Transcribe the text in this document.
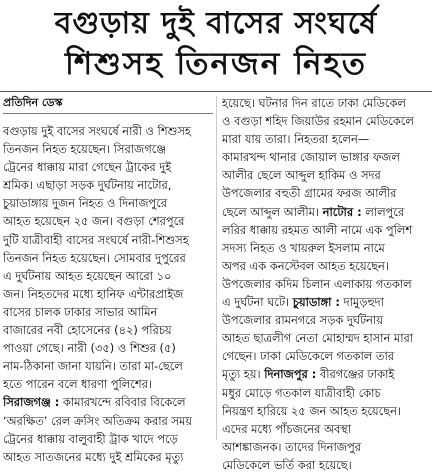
বগুড়ায় দুই বাসের সংঘর্ষে
শিশুসহ তিনজন নিহত
প্রতিদিন ডেস্ক
বগুড়ায় দুই বাসের সংঘর্ষে নারী ও শিশুসহ
তিনজন নিহত হয়েছেন। সিরাজগঞ্জে
ট্রেনের ধাক্কায় মারা গেছেন ট্রাকের দুই
শ্রমিক। এছাড়া সড়ক দুর্ঘটনায় নাটোর,
চুয়াডাঙ্গায় দুজন নিহত ও দিনাজপুরে
আহত হয়েছেন ২৫ জন। বগুড়া শেরপুরে
দুটি যাত্রীবাহী বাসের সংঘর্ষে নারী-শিশুসহ
তিনজন নিহত হয়েছেন। সোমবার দুপুরের
এ দুর্ঘটনায় আহত হয়েছেন আরো ১০
জন। নিহতদের মধ্যে হানিফ এন্টারপ্রাইজ
বাসের চালক ঢাকার সাভার আমিন
বাজারের নবী হোসেনের (৪২) পরিচয়
পাওয়া গেছে। নারী (৩৫) ও শিশুর (৫)
নাম-ঠিকানা জানা যায়নি। তারা মা-ছেলে
হতে পারেন বলে ধারণা পুলিশের।
সিরাজগঞ্জ : কামারখন্দে রবিবার বিকেলে
‘অরক্ষিত’ রেল ক্রসিং অতিক্রম করার সময়
ট্রেনের ধাক্কায় বালুবাহী ট্রাক খাদে পড়ে
আহত সাতজনের মধ্যে দুই শ্রমিকের মৃত্যু
হয়েছে। ঘটনার দিন রাতে ঢাকা মেডিকেল
ও বগুড়া শহিদ জিয়াউর রহমান মেডিকেলে
মারা যায় তারা। নিহতরা হলেন—
কামারখন্দ থানার জোয়াল ভাঙ্গার ফজল
আলীর ছেলে আব্দুল হাকিম ও সদর
উপজেলার বহুতী গ্রামের ফরজ আলীর
ছেলে আব্দুল আলীম। নাটোর : লালপুরে
লরির ধাক্কায় রহমত আলী নামে এক পুলিশ
সদস্য নিহত ও খায়রুল ইসলাম নামে
অপর এক কনস্টেবল আহত হয়েছেন।
উপজেলার কদিম চিলান এলাকায় গতকাল
এ দুর্ঘটনা ঘটে। চুয়াডাঙ্গা : দামুড়হুদা
উপজেলার রামনগরে সড়ক দুর্ঘটনায়
আহত ছাত্রলীগ নেতা মোহাম্মদ হাসান মারা
গেছেন। ঢাকা মেডিকেলে গতকাল তার
মৃত্যু হয়। দিনাজপুর : বীরগঞ্জের ঢাকাই
মধুর মোড়ে গতকাল যাত্রীবাহী কোচ
নিয়ন্ত্রণ হারিয়ে ২৫ জন আহত হয়েছেন।
এদের মধ্যে পাঁচজনের অবস্থা
আশঙ্কাজনক। তাদের দিনাজপুর
মেডিকেলে ভর্তি করা হয়েছে।
